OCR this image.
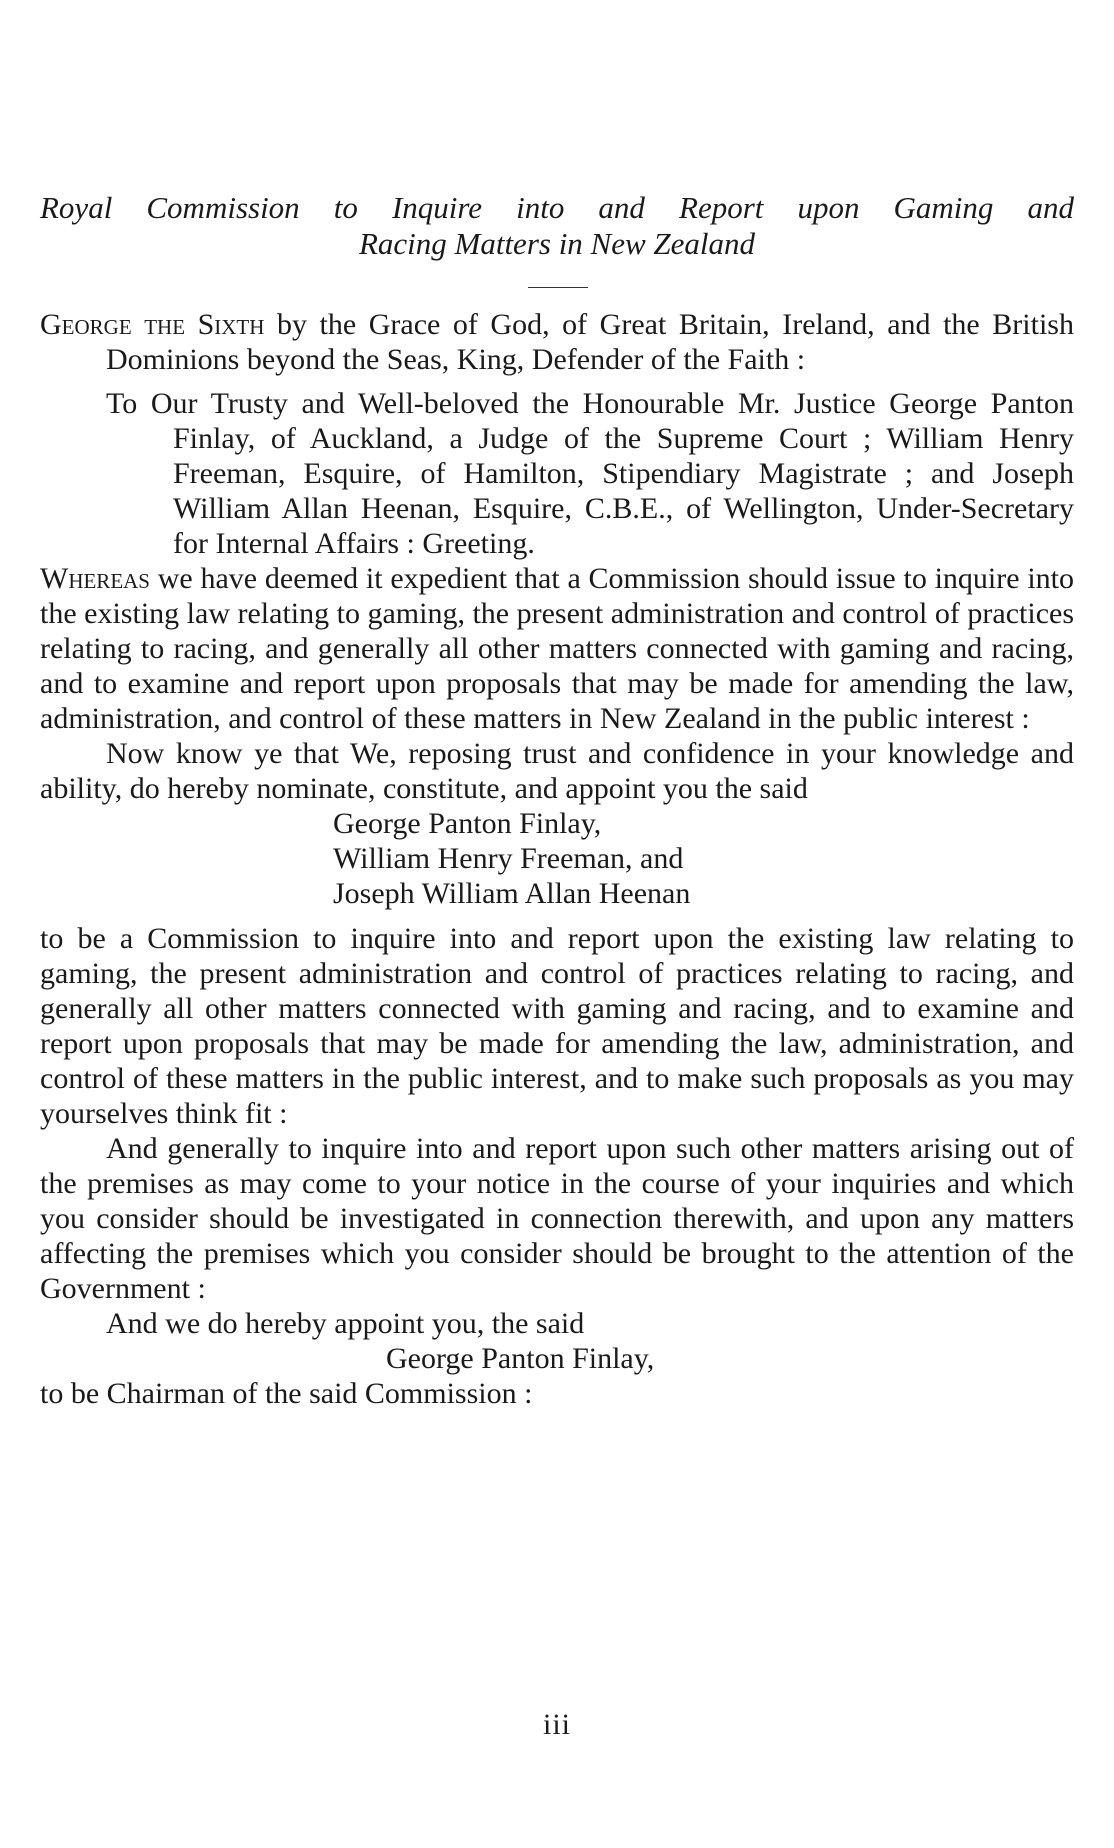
Royal Commission to Inquire into and Report upon Gaming and
Racing Matters in New Zealand

George the Sixth by the Grace of God, of Great Britain, Ireland, and the British Dominions beyond the Seas, King, Defender of the Faith :

To Our Trusty and Well-beloved the Honourable Mr. Justice George Panton Finlay, of Auckland, a Judge of the Supreme Court ; William Henry Freeman, Esquire, of Hamilton, Stipendiary Magistrate ; and Joseph William Allan Heenan, Esquire, C.B.E., of Wellington, Under-Secretary for Internal Affairs : Greeting.

Whereas we have deemed it expedient that a Commission should issue to inquire into the existing law relating to gaming, the present administration and control of practices relating to racing, and generally all other matters connected with gaming and racing, and to examine and report upon proposals that may be made for amending the law, administration, and control of these matters in New Zealand in the public interest :

Now know ye that We, reposing trust and confidence in your knowledge and ability, do hereby nominate, constitute, and appoint you the said

George Panton Finlay,
William Henry Freeman, and
Joseph William Allan Heenan

to be a Commission to inquire into and report upon the existing law relating to gaming, the present administration and control of practices relating to racing, and generally all other matters connected with gaming and racing, and to examine and report upon proposals that may be made for amending the law, administration, and control of these matters in the public interest, and to make such proposals as you may yourselves think fit :

And generally to inquire into and report upon such other matters arising out of the premises as may come to your notice in the course of your inquiries and which you consider should be investigated in connection therewith, and upon any matters affecting the premises which you consider should be brought to the attention of the Government :

And we do hereby appoint you, the said

George Panton Finlay,

to be Chairman of the said Commission :

iii
